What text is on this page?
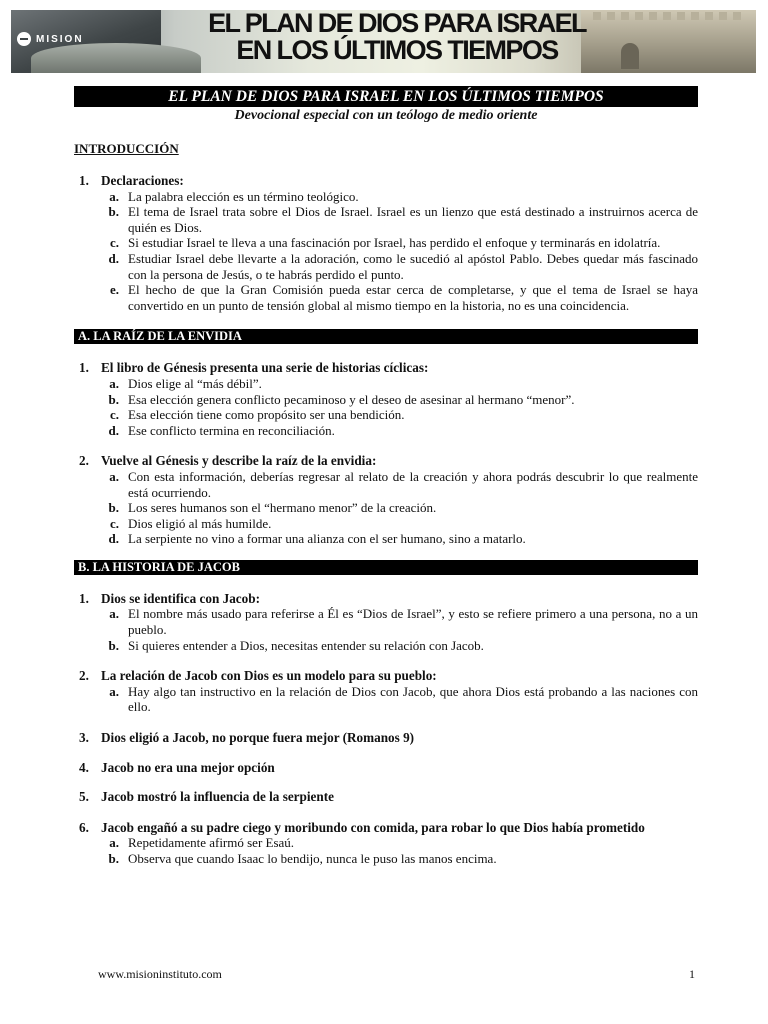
MISION
EL PLAN DE DIOS PARA ISRAEL
EN LOS ÚLTIMOS TIEMPOS
EL PLAN DE DIOS PARA ISRAEL EN LOS ÚLTIMOS TIEMPOS
Devocional especial con un teólogo de medio oriente
INTRODUCCIÓN
1. Declaraciones:
a. La palabra elección es un término teológico.
b. El tema de Israel trata sobre el Dios de Israel. Israel es un lienzo que está destinado a instruirnos acerca de quién es Dios.
c. Si estudiar Israel te lleva a una fascinación por Israel, has perdido el enfoque y terminarás en idolatría.
d. Estudiar Israel debe llevarte a la adoración, como le sucedió al apóstol Pablo. Debes quedar más fascinado con la persona de Jesús, o te habrás perdido el punto.
e. El hecho de que la Gran Comisión pueda estar cerca de completarse, y que el tema de Israel se haya convertido en un punto de tensión global al mismo tiempo en la historia, no es una coincidencia.
A. LA RAÍZ DE LA ENVIDIA
1. El libro de Génesis presenta una serie de historias cíclicas:
a. Dios elige al “más débil”.
b. Esa elección genera conflicto pecaminoso y el deseo de asesinar al hermano “menor”.
c. Esa elección tiene como propósito ser una bendición.
d. Ese conflicto termina en reconciliación.
2. Vuelve al Génesis y describe la raíz de la envidia:
a. Con esta información, deberías regresar al relato de la creación y ahora podrás descubrir lo que realmente está ocurriendo.
b. Los seres humanos son el “hermano menor” de la creación.
c. Dios eligió al más humilde.
d. La serpiente no vino a formar una alianza con el ser humano, sino a matarlo.
B. LA HISTORIA DE JACOB
1. Dios se identifica con Jacob:
a. El nombre más usado para referirse a Él es “Dios de Israel”, y esto se refiere primero a una persona, no a un pueblo.
b. Si quieres entender a Dios, necesitas entender su relación con Jacob.
2. La relación de Jacob con Dios es un modelo para su pueblo:
a. Hay algo tan instructivo en la relación de Dios con Jacob, que ahora Dios está probando a las naciones con ello.
3. Dios eligió a Jacob, no porque fuera mejor (Romanos 9)
4. Jacob no era una mejor opción
5. Jacob mostró la influencia de la serpiente
6. Jacob engañó a su padre ciego y moribundo con comida, para robar lo que Dios había prometido
a. Repetidamente afirmó ser Esaú.
b. Observa que cuando Isaac lo bendijo, nunca le puso las manos encima.
www.misioninstituto.com	1
